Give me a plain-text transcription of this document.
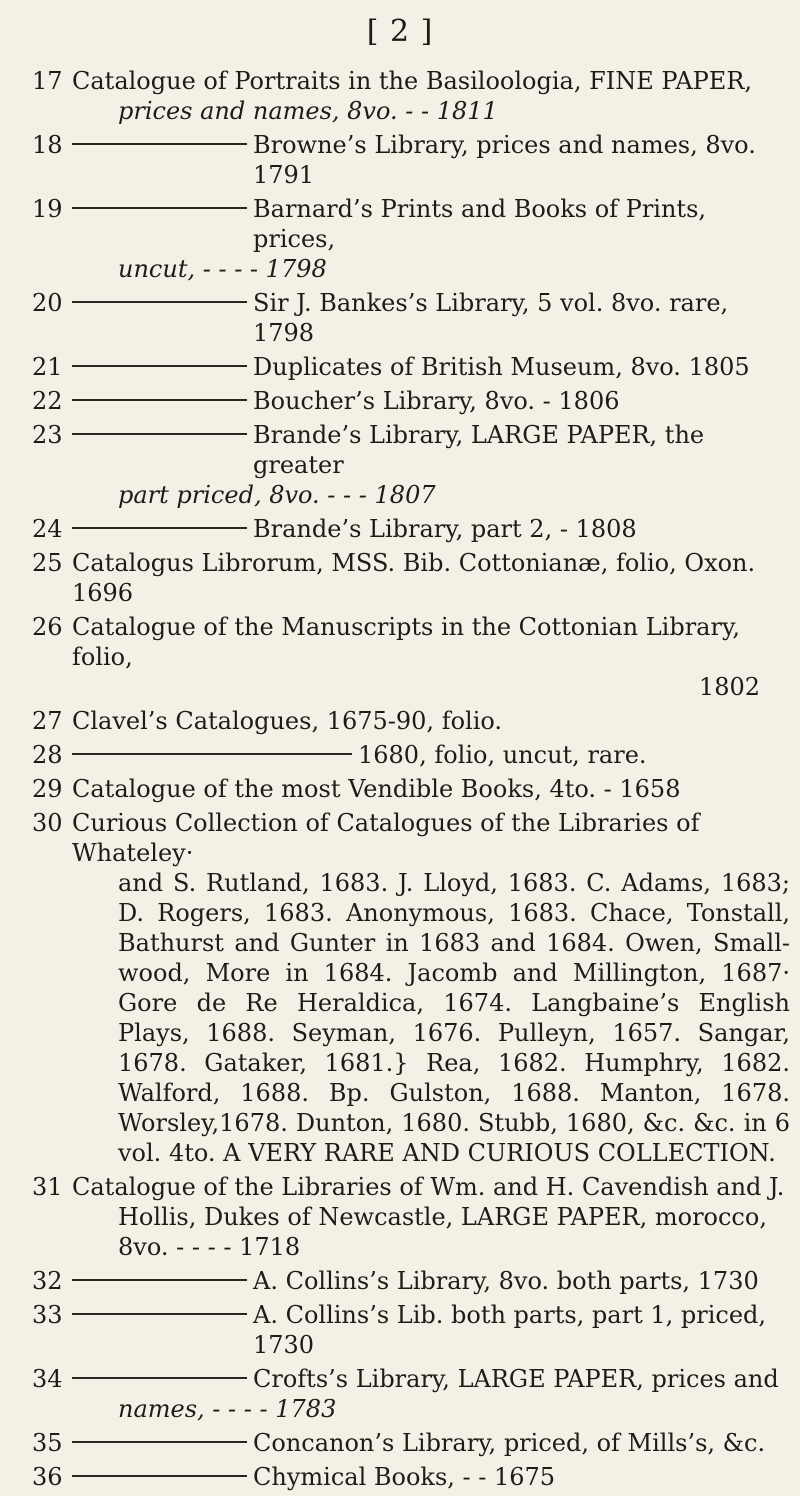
[ 2 ]
17 Catalogue of Portraits in the Basiloologia, FINE PAPER,
prices and names, 8vo. - - 1811
18	Browne’s Library, prices and names, 8vo. 1791
19	Barnard’s Prints and Books of Prints, prices,
uncut, - - - - 1798
20	Sir J. Bankes’s Library, 5 vol. 8vo. rare, 1798
21	Duplicates of British Museum, 8vo. 1805
22	Boucher’s Library, 8vo. - 1806
23	Brande’s Library, LARGE PAPER, the greater
part priced, 8vo. - - - 1807
24	Brande’s Library, part 2, - 1808
25 Catalogus Librorum, MSS. Bib. Cottonianæ, folio, Oxon. 1696
26 Catalogue of the Manuscripts in the Cottonian Library, folio,
1802
27 Clavel’s Catalogues, 1675-90, folio.
28	1680, folio, uncut, rare.
29 Catalogue of the most Vendible Books, 4to. - 1658
30 Curious Collection of Catalogues of the Libraries of Whateley·
and S. Rutland, 1683. J. Lloyd, 1683. C. Adams, 1683; D. Rogers, 1683. Anonymous, 1683. Chace, Tonstall, Bathurst and Gunter in 1683 and 1684. Owen, Small-wood, More in 1684. Jacomb and Millington, 1687· Gore de Re Heraldica, 1674. Langbaine’s English Plays, 1688. Seyman, 1676. Pulleyn, 1657. Sangar, 1678. Gataker, 1681.} Rea, 1682. Humphry, 1682. Walford, 1688. Bp. Gulston, 1688. Manton, 1678. Worsley,1678. Dunton, 1680. Stubb, 1680, &c. &c. in 6 vol. 4to. A VERY RARE AND CURIOUS COLLECTION.
31 Catalogue of the Libraries of Wm. and H. Cavendish and J.
Hollis, Dukes of Newcastle, LARGE PAPER, morocco, 8vo. - - - - 1718
32	A. Collins’s Library, 8vo. both parts, 1730
33	A. Collins’s Lib. both parts, part 1, priced, 1730
34	Crofts’s Library, LARGE PAPER, prices and
names, - - - - 1783
35	Concanon’s Library, priced, of Mills’s, &c.
36	Chymical Books, - - 1675
